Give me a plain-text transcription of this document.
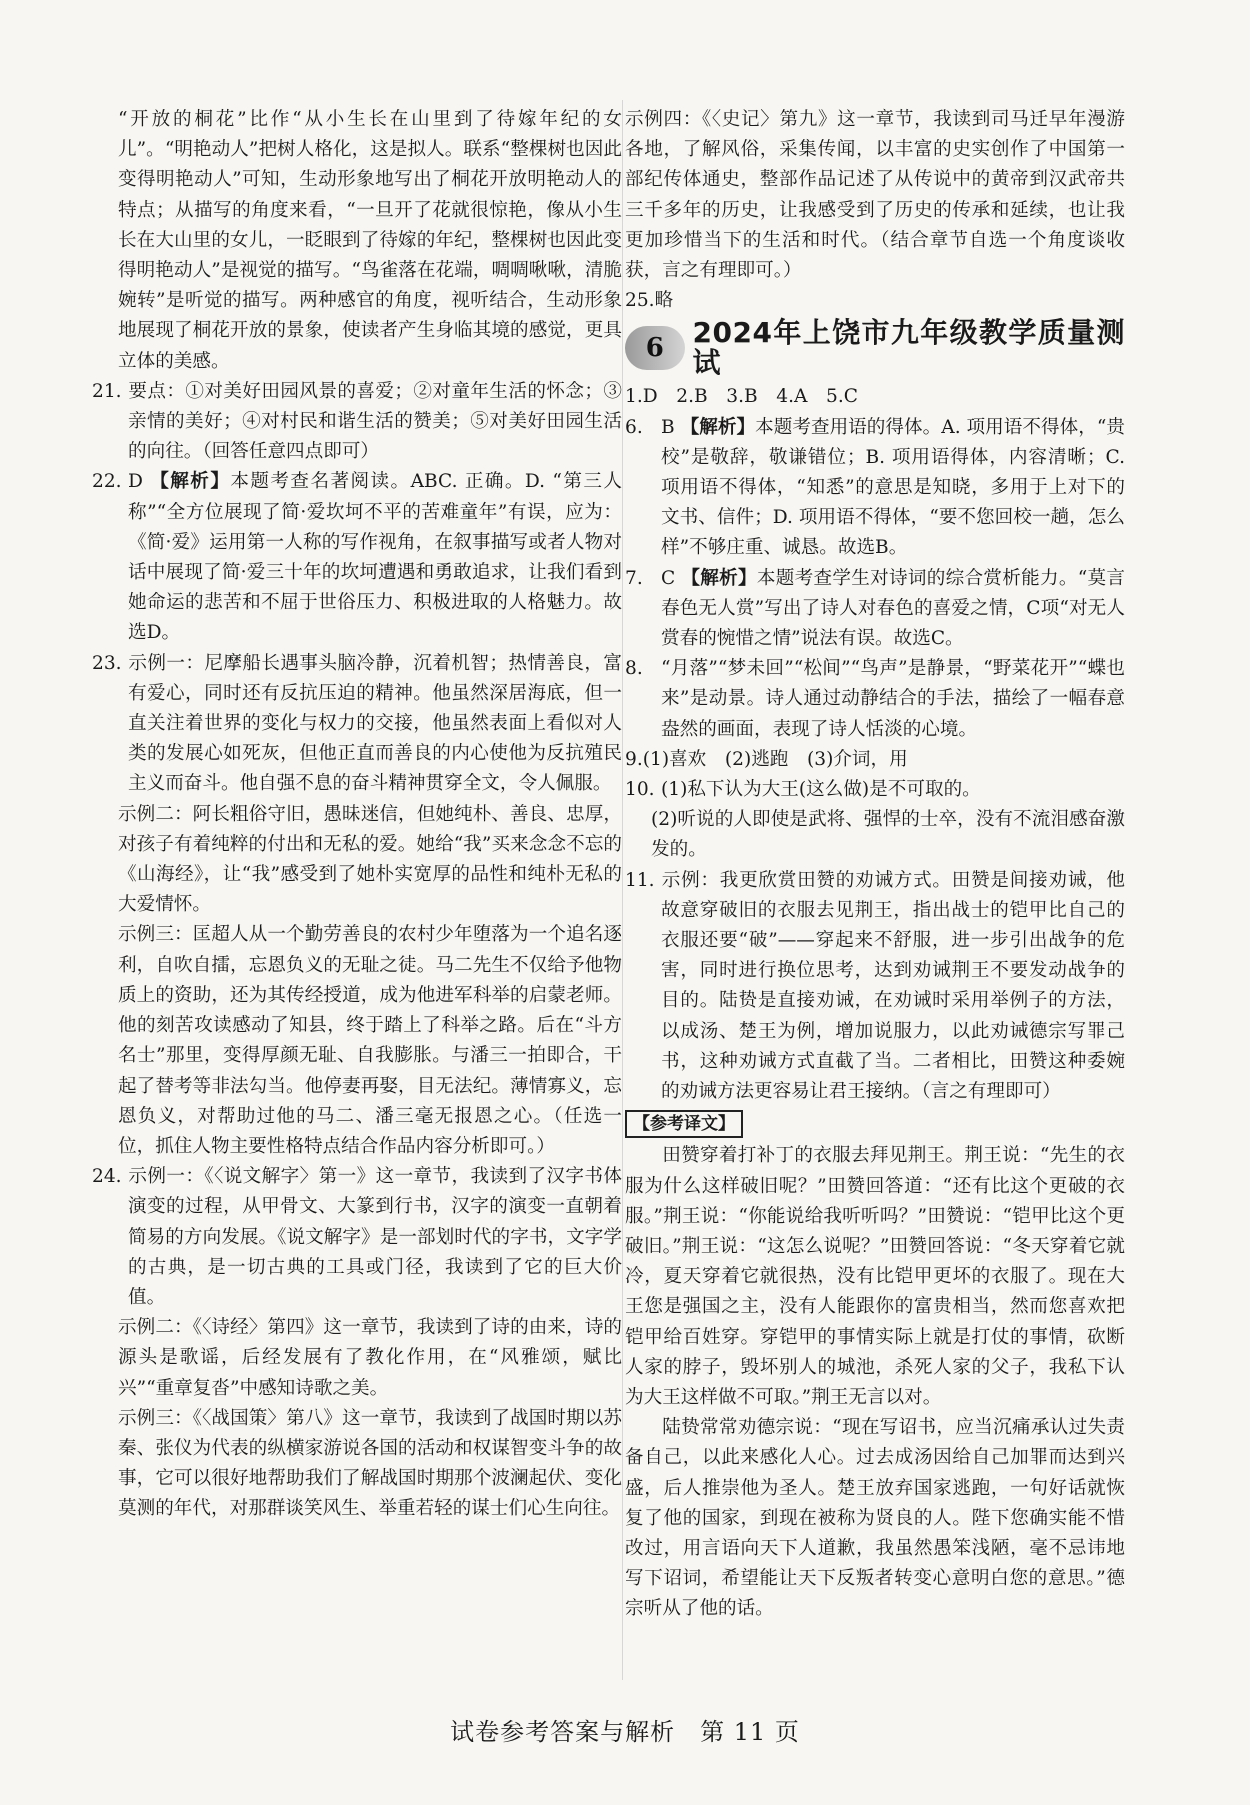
“开放的桐花”比作“从小生长在山里到了待嫁年纪的女儿”。“明艳动人”把树人格化，这是拟人。联系“整棵树也因此变得明艳动人”可知，生动形象地写出了桐花开放明艳动人的特点；从描写的角度来看，“一旦开了花就很惊艳，像从小生长在大山里的女儿，一眨眼到了待嫁的年纪，整棵树也因此变得明艳动人”是视觉的描写。“鸟雀落在花端，啁啁啾啾，清脆婉转”是听觉的描写。两种感官的角度，视听结合，生动形象地展现了桐花开放的景象，使读者产生身临其境的感觉，更具立体的美感。

21. 要点：①对美好田园风景的喜爱；②对童年生活的怀念；③亲情的美好；④对村民和谐生活的赞美；⑤对美好田园生活的向往。（回答任意四点即可）

22. D 【解析】本题考查名著阅读。ABC. 正确。D. “第三人称”“全方位展现了简·爱坎坷不平的苦难童年”有误，应为：《简·爱》运用第一人称的写作视角，在叙事描写或者人物对话中展现了简·爱三十年的坎坷遭遇和勇敢追求，让我们看到她命运的悲苦和不屈于世俗压力、积极进取的人格魅力。故选D。

23. 示例一：尼摩船长遇事头脑冷静，沉着机智；热情善良，富有爱心，同时还有反抗压迫的精神。他虽然深居海底，但一直关注着世界的变化与权力的交接，他虽然表面上看似对人类的发展心如死灰，但他正直而善良的内心使他为反抗殖民主义而奋斗。他自强不息的奋斗精神贯穿全文，令人佩服。

示例二：阿长粗俗守旧，愚昧迷信，但她纯朴、善良、忠厚，对孩子有着纯粹的付出和无私的爱。她给“我”买来念念不忘的《山海经》，让“我”感受到了她朴实宽厚的品性和纯朴无私的大爱情怀。

示例三：匡超人从一个勤劳善良的农村少年堕落为一个追名逐利，自吹自擂，忘恩负义的无耻之徒。马二先生不仅给予他物质上的资助，还为其传经授道，成为他进军科举的启蒙老师。他的刻苦攻读感动了知县，终于踏上了科举之路。后在“斗方名士”那里，变得厚颜无耻、自我膨胀。与潘三一拍即合，干起了替考等非法勾当。他停妻再娶，目无法纪。薄情寡义，忘恩负义，对帮助过他的马二、潘三毫无报恩之心。（任选一位，抓住人物主要性格特点结合作品内容分析即可。）

24. 示例一：《〈说文解字〉第一》这一章节，我读到了汉字书体演变的过程，从甲骨文、大篆到行书，汉字的演变一直朝着简易的方向发展。《说文解字》是一部划时代的字书，文字学的古典，是一切古典的工具或门径，我读到了它的巨大价值。

示例二：《〈诗经〉第四》这一章节，我读到了诗的由来，诗的源头是歌谣，后经发展有了教化作用，在“风雅颂，赋比兴”“重章复沓”中感知诗歌之美。

示例三：《〈战国策〉第八》这一章节，我读到了战国时期以苏秦、张仪为代表的纵横家游说各国的活动和权谋智变斗争的故事，它可以很好地帮助我们了解战国时期那个波澜起伏、变化莫测的年代，对那群谈笑风生、举重若轻的谋士们心生向往。

示例四：《〈史记〉第九》这一章节，我读到司马迁早年漫游各地，了解风俗，采集传闻，以丰富的史实创作了中国第一部纪传体通史，整部作品记述了从传说中的黄帝到汉武帝共三千多年的历史，让我感受到了历史的传承和延续，也让我更加珍惜当下的生活和时代。（结合章节自选一个角度谈收获，言之有理即可。）

25.略

6	2024年上饶市九年级教学质量测试

1.D　2.B　3.B　4.A　5.C

6. B 【解析】本题考查用语的得体。A. 项用语不得体，“贵校”是敬辞，敬谦错位；B. 项用语得体，内容清晰；C. 项用语不得体，“知悉”的意思是知晓，多用于上对下的文书、信件；D. 项用语不得体，“要不您回校一趟，怎么样”不够庄重、诚恳。故选B。

7. C 【解析】本题考查学生对诗词的综合赏析能力。“莫言春色无人赏”写出了诗人对春色的喜爱之情，C项“对无人赏春的惋惜之情”说法有误。故选C。

8. “月落”“梦未回”“松间”“鸟声”是静景，“野菜花开”“蝶也来”是动景。诗人通过动静结合的手法，描绘了一幅春意盎然的画面，表现了诗人恬淡的心境。

9.(1)喜欢　(2)逃跑　(3)介词，用

10. (1)私下认为大王(这么做)是不可取的。

(2)听说的人即使是武将、强悍的士卒，没有不流泪感奋激发的。

11. 示例：我更欣赏田赞的劝诫方式。田赞是间接劝诫，他故意穿破旧的衣服去见荆王，指出战士的铠甲比自己的衣服还要“破”——穿起来不舒服，进一步引出战争的危害，同时进行换位思考，达到劝诫荆王不要发动战争的目的。陆贽是直接劝诫，在劝诫时采用举例子的方法，以成汤、楚王为例，增加说服力，以此劝诫德宗写罪己书，这种劝诫方式直截了当。二者相比，田赞这种委婉的劝诫方法更容易让君王接纳。（言之有理即可）

【参考译文】

田赞穿着打补丁的衣服去拜见荆王。荆王说：“先生的衣服为什么这样破旧呢？”田赞回答道：“还有比这个更破的衣服。”荆王说：“你能说给我听听吗？”田赞说：“铠甲比这个更破旧。”荆王说：“这怎么说呢？”田赞回答说：“冬天穿着它就冷，夏天穿着它就很热，没有比铠甲更坏的衣服了。现在大王您是强国之主，没有人能跟你的富贵相当，然而您喜欢把铠甲给百姓穿。穿铠甲的事情实际上就是打仗的事情，砍断人家的脖子，毁坏别人的城池，杀死人家的父子，我私下认为大王这样做不可取。”荆王无言以对。

陆贽常常劝德宗说：“现在写诏书，应当沉痛承认过失责备自己，以此来感化人心。过去成汤因给自己加罪而达到兴盛，后人推崇他为圣人。楚王放弃国家逃跑，一句好话就恢复了他的国家，到现在被称为贤良的人。陛下您确实能不惜改过，用言语向天下人道歉，我虽然愚笨浅陋，毫不忌讳地写下诏词，希望能让天下反叛者转变心意明白您的意思。”德宗听从了他的话。

试卷参考答案与解析　第 11 页
